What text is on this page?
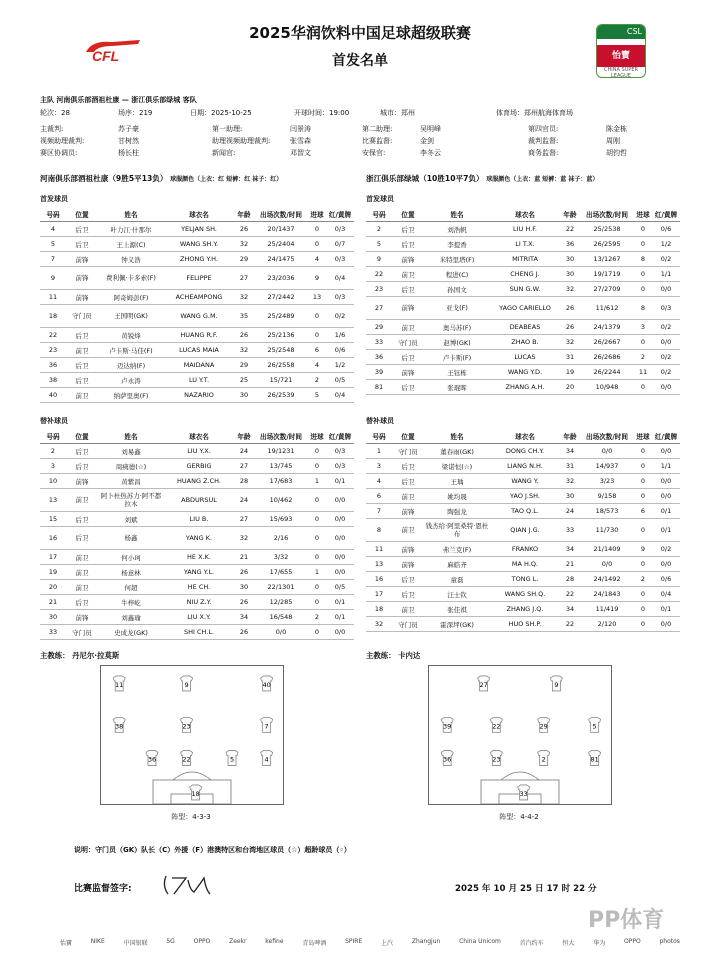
2025华润饮料中国足球超级联赛
首发名单
CFL
CSL
怡寶
CHINA SUPER LEAGUE
主队 河南俱乐部酒祖杜康 — 浙江俱乐部绿城 客队
轮次：28	场序：219	日期：2025-10-25	开球时间：19:00	城市：郑州	体育场：郑州航海体育场
主裁判:	苏子豪	第一助理:	闫景涛	第二助理:	吴明峰	第四官员:	陈金栋
视频助理裁判:	甘树然	助理视频助理裁判:	张雪森	比赛监督:	金剑	裁判监督:	周刚
赛区协调员:	杨长柱	新闻官:	邓智文	安保官:	李冬云	商务监督:	胡钧哲
河南俱乐部酒祖杜康（9胜5平13负） 球服颜色（上衣：红 短裤：红 袜子：红）
首发球员
号码	位置	姓名	球衣名	年龄	出场次数/时间	进球	红/黄牌
4	后卫	叶力江·什那尔	YELJAN SH.	26	20/1437	0	0/3
5	后卫	王上源(C)	WANG SH.Y.	32	25/2404	0	0/7
7	前锋	钟义浩	ZHONG Y.H.	29	24/1475	4	0/3
9	前锋	费利佩·卡多索(F)	FELIPPE	27	23/2036	9	0/4
11	前锋	阿奇姆彭(F)	ACHEAMPONG	32	27/2442	13	0/3
18	守门员	王国明(GK)	WANG G.M.	35	25/2489	0	0/2
22	后卫	黄锐烽	HUANG R.F.	26	25/2136	0	1/6
23	前卫	卢卡斯·马佳(F)	LUCAS MAIA	32	25/2548	6	0/6
36	后卫	迈达纳(F)	MAIDANA	29	26/2558	4	1/2
38	后卫	卢永涛	LU Y.T.	25	15/721	2	0/5
40	前卫	纳萨里奥(F)	NAZARIO	30	26/2539	5	0/4
替补球员
号码	位置	姓名	球衣名	年龄	出场次数/时间	进球	红/黄牌
2	后卫	刘易鑫	LIU Y.X.	24	19/1231	0	0/3
3	后卫	周痍德(☆)	GERBIG	27	13/745	0	0/3
10	前锋	黄紫昌	HUANG Z.CH.	28	17/683	1	0/1
13	前卫	阿卜杜热苏力·阿不都拉木	ABDURSUL	24	10/462	0	0/0
15	后卫	刘斌	LIU B.	27	15/693	0	0/0
16	后卫	杨鑫	YANG K.	32	2/16	0	0/0
17	前卫	何小珂	HE X.K.	21	3/32	0	0/0
19	前卫	杨意林	YANG Y.L.	26	17/655	1	0/0
20	前卫	何超	HE CH.	30	22/1301	0	0/5
21	后卫	牛梓屹	NIU Z.Y.	26	12/285	0	0/1
30	前锋	刘鑫瑜	LIU X.Y.	34	16/548	2	0/1
33	守门员	史成龙(GK)	SHI CH.L.	26	0/0	0	0/0
浙江俱乐部绿城（10胜10平7负） 球服颜色（上衣：蓝 短裤：蓝 袜子：蓝）
首发球员
号码	位置	姓名	球衣名	年龄	出场次数/时间	进球	红/黄牌
2	后卫	刘浩帆	LIU H.F.	22	25/2538	0	0/6
5	后卫	李提香	LI T.X.	36	26/2595	0	1/2
9	前锋	米特里塔(F)	MITRITA	30	13/1267	8	0/2
22	前卫	程进(C)	CHENG J.	30	19/1719	0	1/1
23	后卫	孙国文	SUN G.W.	32	27/2709	0	0/0
27	前锋	亚戈(F)	YAGO CARIELLO	26	11/612	8	0/3
29	前卫	奥马苏(F)	DEABEAS	26	24/1379	3	0/2
33	守门员	赵博(GK)	ZHAO B.	32	26/2667	0	0/0
36	后卫	卢卡斯(F)	LUCAS	31	26/2686	2	0/2
39	前锋	王钰栋	WANG Y.D.	19	26/2244	11	0/2
81	后卫	张琨晖	ZHANG A.H.	20	10/948	0	0/0
替补球员
号码	位置	姓名	球衣名	年龄	出场次数/时间	进球	红/黄牌
1	守门员	董春雨(GK)	DONG CH.Y.	34	0/0	0	0/0
3	后卫	梁诺恒(☆)	LIANG N.H.	31	14/937	0	1/1
4	后卫	王瑀	WANG Y.	32	3/23	0	0/0
6	前卫	姚均晟	YAO J.SH.	30	9/158	0	0/0
7	前锋	陶强龙	TAO Q.L.	24	18/573	6	0/1
8	前卫	钱杰给·阿里桑特·恩杜布	QIAN J.G.	33	11/730	0	0/1
11	前锋	弗兰克(F)	FRANKO	34	21/1409	9	0/2
13	前锋	麻皓齐	MA H.Q.	21	0/0	0	0/0
16	后卫	童磊	TONG L.	28	24/1492	2	0/6
17	后卫	汪士钦	WANG SH.Q.	22	24/1843	0	0/4
18	前卫	张佳祺	ZHANG J.Q.	34	11/419	0	0/1
32	守门员	霍深坪(GK)	HUO SH.P.	22	2/120	0	0/0
主教练： 丹尼尔·拉莫斯	主教练： 卡内达
11	9	40
38	23	7
36	22	5	4
18
阵型：4-3-3
27	9
39	22	29	5
36	23	2	81
33
阵型：4-4-2
说明：守门员（GK）队长（C）外援（F）港澳特区和台湾地区球员（☆）超龄球员（◦）
比赛监督签字:	2025 年 10 月 25 日 17 时 22 分
PP体育
怡寶	NIKE	中国银联	5G	OPPO	Zeekr	kefine	青岛啤酒	SPIRE	上汽	Zhangjun	China Unicom	首汽约车	恒大	华为	OPPO	photos
